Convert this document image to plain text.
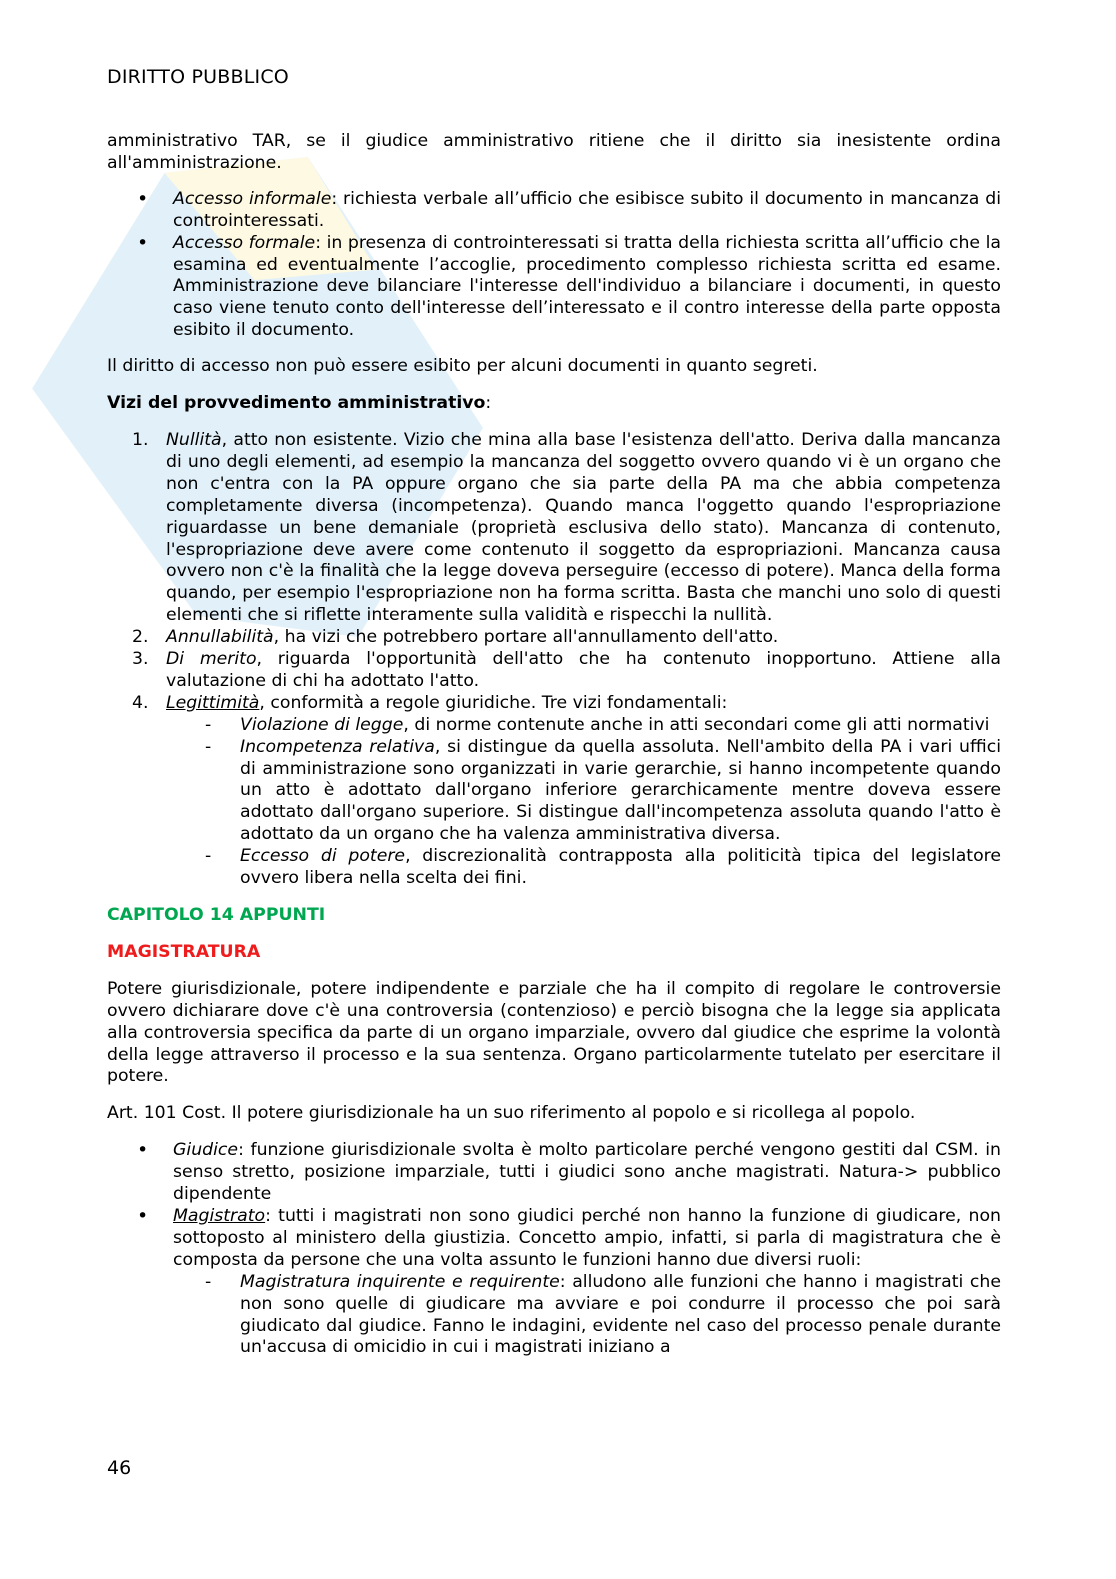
DIRITTO PUBBLICO

amministrativo TAR, se il giudice amministrativo ritiene che il diritto sia inesistente ordina all'amministrazione.

• Accesso informale: richiesta verbale all’ufficio che esibisce subito il documento in mancanza di controinteressati.
• Accesso formale: in presenza di controinteressati si tratta della richiesta scritta all’ufficio che la esamina ed eventualmente l’accoglie, procedimento complesso richiesta scritta ed esame. Amministrazione deve bilanciare l'interesse dell'individuo a bilanciare i documenti, in questo caso viene tenuto conto dell'interesse dell’interessato e il contro interesse della parte opposta esibito il documento.

Il diritto di accesso non può essere esibito per alcuni documenti in quanto segreti.

Vizi del provvedimento amministrativo:

1. Nullità, atto non esistente. Vizio che mina alla base l'esistenza dell'atto. Deriva dalla mancanza di uno degli elementi, ad esempio la mancanza del soggetto ovvero quando vi è un organo che non c'entra con la PA oppure organo che sia parte della PA ma che abbia competenza completamente diversa (incompetenza). Quando manca l'oggetto quando l'espropriazione riguardasse un bene demaniale (proprietà esclusiva dello stato). Mancanza di contenuto, l'espropriazione deve avere come contenuto il soggetto da espropriazioni. Mancanza causa ovvero non c'è la finalità che la legge doveva perseguire (eccesso di potere). Manca della forma quando, per esempio l'espropriazione non ha forma scritta. Basta che manchi uno solo di questi elementi che si riflette interamente sulla validità e rispecchi la nullità.
2. Annullabilità, ha vizi che potrebbero portare all'annullamento dell'atto.
3. Di merito, riguarda l'opportunità dell'atto che ha contenuto inopportuno. Attiene alla valutazione di chi ha adottato l'atto.
4. Legittimità, conformità a regole giuridiche. Tre vizi fondamentali:
- Violazione di legge, di norme contenute anche in atti secondari come gli atti normativi
- Incompetenza relativa, si distingue da quella assoluta. Nell'ambito della PA i vari uffici di amministrazione sono organizzati in varie gerarchie, si hanno incompetente quando un atto è adottato dall'organo inferiore gerarchicamente mentre doveva essere adottato dall'organo superiore. Si distingue dall'incompetenza assoluta quando l'atto è adottato da un organo che ha valenza amministrativa diversa.
- Eccesso di potere, discrezionalità contrapposta alla politicità tipica del legislatore ovvero libera nella scelta dei fini.

CAPITOLO 14 APPUNTI

MAGISTRATURA

Potere giurisdizionale, potere indipendente e parziale che ha il compito di regolare le controversie ovvero dichiarare dove c'è una controversia (contenzioso) e perciò bisogna che la legge sia applicata alla controversia specifica da parte di un organo imparziale, ovvero dal giudice che esprime la volontà della legge attraverso il processo e la sua sentenza. Organo particolarmente tutelato per esercitare il potere.

Art. 101 Cost. Il potere giurisdizionale ha un suo riferimento al popolo e si ricollega al popolo.

• Giudice: funzione giurisdizionale svolta è molto particolare perché vengono gestiti dal CSM. in senso stretto, posizione imparziale, tutti i giudici sono anche magistrati. Natura-> pubblico dipendente
• Magistrato: tutti i magistrati non sono giudici perché non hanno la funzione di giudicare, non sottoposto al ministero della giustizia. Concetto ampio, infatti, si parla di magistratura che è composta da persone che una volta assunto le funzioni hanno due diversi ruoli:
- Magistratura inquirente e requirente: alludono alle funzioni che hanno i magistrati che non sono quelle di giudicare ma avviare e poi condurre il processo che poi sarà giudicato dal giudice. Fanno le indagini, evidente nel caso del processo penale durante un'accusa di omicidio in cui i magistrati iniziano a
46
